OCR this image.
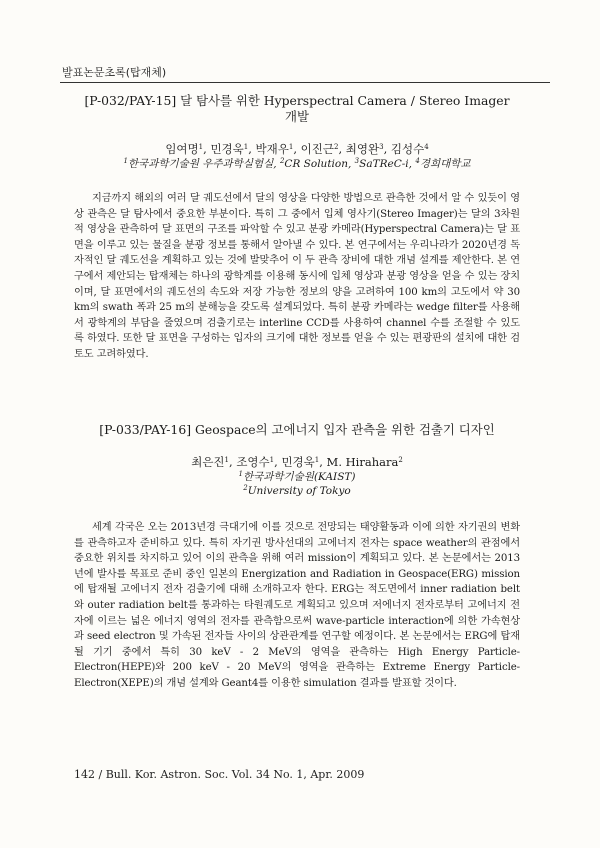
발표논문초록(탑재체)
[P-032/PAY-15] 달 탐사를 위한 Hyperspectral Camera / Stereo Imager
개발
임여명$^1$, 민경욱$^1$, 박재우$^1$, 이진근$^2$, 최영완$^3$, 김성수$^4$
$^1$한국과학기술원 우주과학실험실, $^2$CR Solution, $^3$SaTReC-i, $^4$경희대학교

지금까지 해외의 여러 달 궤도선에서 달의 영상을 다양한 방법으로 관측한 것에서 알 수 있듯이 영상 관측은 달 탐사에서 중요한 부분이다. 특히 그 중에서 입체 영사기(Stereo Imager)는 달의 3차원적 영상을 관측하여 달 표면의 구조를 파악할 수 있고 분광 카메라(Hyperspectral Camera)는 달 표면을 이루고 있는 물질을 분광 정보를 통해서 알아낼 수 있다. 본 연구에서는 우리나라가 2020년경 독자적인 달 궤도선을 계획하고 있는 것에 발맞추어 이 두 관측 장비에 대한 개념 설계를 제안한다. 본 연구에서 제안되는 탑재체는 하나의 광학계를 이용해 동시에 입체 영상과 분광 영상을 얻을 수 있는 장치이며, 달 표면에서의 궤도선의 속도와 저장 가능한 정보의 양을 고려하여 100 km의 고도에서 약 30 km의 swath 폭과 25 m의 분해능을 갖도록 설계되었다. 특히 분광 카메라는 wedge filter를 사용해서 광학계의 부담을 줄였으며 검출기로는 interline CCD를 사용하여 channel 수를 조절할 수 있도록 하였다. 또한 달 표면을 구성하는 입자의 크기에 대한 정보를 얻을 수 있는 편광판의 설치에 대한 검토도 고려하였다.

[P-033/PAY-16] Geospace의 고에너지 입자 관측을 위한 검출기 디자인
최은진$^1$, 조영수$^1$, 민경욱$^1$, M. Hirahara$^2$
$^1$한국과학기술원(KAIST)
$^2$University of Tokyo

세계 각국은 오는 2013년경 극대기에 이를 것으로 전망되는 태양활동과 이에 의한 자기권의 변화를 관측하고자 준비하고 있다. 특히 자기권 방사선대의 고에너지 전자는 space weather의 관점에서 중요한 위치를 차지하고 있어 이의 관측을 위해 여러 mission이 계획되고 있다. 본 논문에서는 2013년에 발사를 목표로 준비 중인 일본의 Energization and Radiation in Geospace(ERG) mission에 탑재될 고에너지 전자 검출기에 대해 소개하고자 한다. ERG는 적도면에서 inner radiation belt와 outer radiation belt를 통과하는 타원궤도로 계획되고 있으며 저에너지 전자로부터 고에너지 전자에 이르는 넓은 에너지 영역의 전자를 관측함으로써 wave-particle interaction에 의한 가속현상과 seed electron 및 가속된 전자들 사이의 상관관계를 연구할 예정이다. 본 논문에서는 ERG에 탑재될 기기 중에서 특히 30 keV - 2 MeV의 영역을 관측하는 High Energy Particle-Electron(HEPE)와 200 keV - 20 MeV의 영역을 관측하는 Extreme Energy Particle-Electron(XEPE)의 개념 설계와 Geant4를 이용한 simulation 결과를 발표할 것이다.

142 / Bull. Kor. Astron. Soc. Vol. 34 No. 1, Apr. 2009
